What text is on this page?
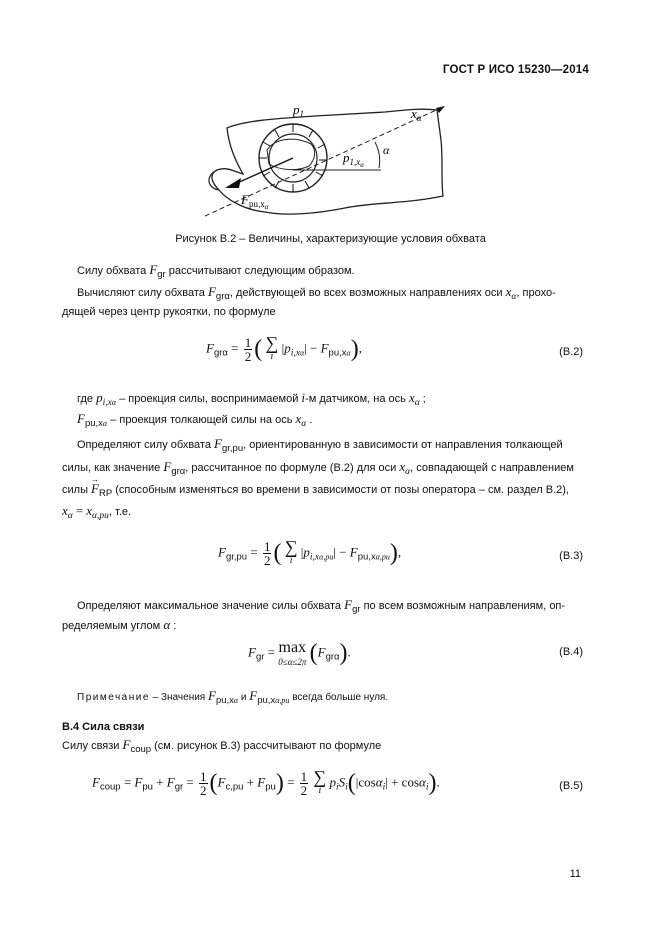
ГОСТ Р ИСО 15230—2014
$p_1$	$x_\alpha$
$p_{1,x}\alpha$
α
$F_{pu,x}\alpha$
Рисунок В.2 – Величины, характеризующие условия обхвата
Силу обхвата Fgr рассчитывают следующим образом.
Вычисляют силу обхвата Fgrα, действующей во всех возможных направлениях оси xα, прохо-
дящей через центр рукоятки, по формуле
$F_{gr\alpha} = \frac{1}{2}$ ( ∑
i
$|p_{i,x\alpha}| - F_{pu,x\alpha}$),	(В.2)
где $pi,x_\alpha$ – проекция силы, воспринимаемой i-м датчиком, на ось xα ;
$Fpu,x_\alpha$ – проекция толкающей силы на ось xα .
Определяют силу обхвата Fgr,pu, ориентированную в зависимости от направления толкающей
силы, как значение Fgrα, рассчитанное по формуле (В.2) для оси xα, совпадающей с направлением
силы → FRP (способным изменяться во времени в зависимости от позы оператора – см. раздел В.2),
xα = xα,pu, т.е.
$F_{gr,pu} = \frac{1}{2}$ ( ∑
i
$|p_{i,x\alpha,pu}| - F_{pu,x\alpha,pu}$),	(В.3)
Определяют максимальное значение силы обхвата Fgr по всем возможным направлениям, оп-
ределяемым углом α :
$F_{gr} = \max$
0≤α≤2π $(F_{gr\alpha})$.	(В.4)
Примечание – Значения $Fpu,x_\alpha$ и $Fpu,x_{\alpha,pu}$ всегда больше нуля.
В.4 Сила связи
Силу связи Fcoup (см. рисунок В.3) рассчитывают по формуле
$F_{coup} = F_{pu} + F_{gr} = \frac{1}{2} (F_{c,pu} + F_{pu}) = \frac{1}{2}$
∑
i
$p_iS_i(|\cos\alpha_i| + \cos\alpha_i)$.	(В.5)
11
